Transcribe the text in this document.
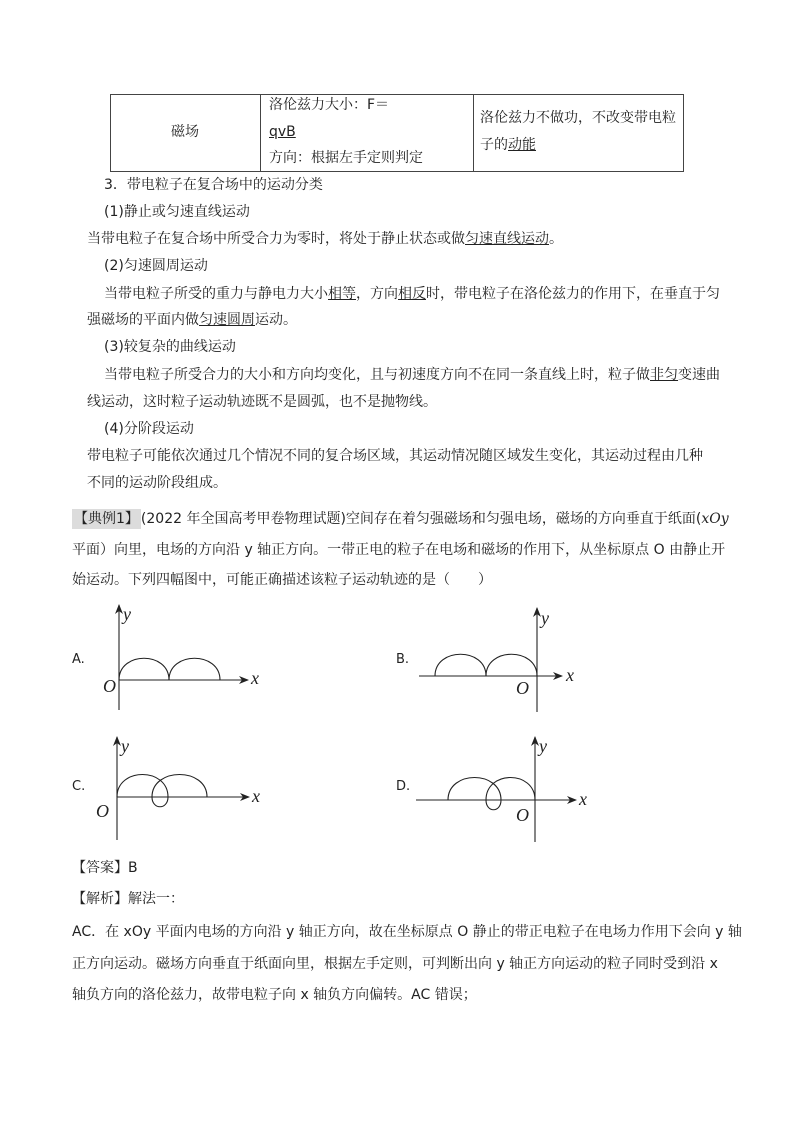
磁场
洛伦兹力大小：F＝
qvB
方向：根据左手定则判定
洛伦兹力不做功，不改变带电粒
子的动能
3．带电粒子在复合场中的运动分类
(1)静止或匀速直线运动
当带电粒子在复合场中所受合力为零时，将处于静止状态或做匀速直线运动。
(2)匀速圆周运动
当带电粒子所受的重力与静电力大小相等，方向相反时，带电粒子在洛伦兹力的作用下，在垂直于匀
强磁场的平面内做匀速圆周运动。
(3)较复杂的曲线运动
当带电粒子所受合力的大小和方向均变化，且与初速度方向不在同一条直线上时，粒子做非匀变速曲
线运动，这时粒子运动轨迹既不是圆弧，也不是抛物线。
(4)分阶段运动
带电粒子可能依次通过几个情况不同的复合场区域，其运动情况随区域发生变化，其运动过程由几种
不同的运动阶段组成。
【典例1】 (2022 年全国高考甲卷物理试题)空间存在着匀强磁场和匀强电场，磁场的方向垂直于纸面(xOy
平面）向里，电场的方向沿 y 轴正方向。一带正电的粒子在电场和磁场的作用下，从坐标原点 O 由静止开
始运动。下列四幅图中，可能正确描述该粒子运动轨迹的是（　　）
A.	B.
C.	D.
y
x
O
y
x
O
y
x
O
y
x
O
【答案】B
【解析】解法一：
AC．在 xOy 平面内电场的方向沿 y 轴正方向，故在坐标原点 O 静止的带正电粒子在电场力作用下会向 y 轴
正方向运动。磁场方向垂直于纸面向里，根据左手定则，可判断出向 y 轴正方向运动的粒子同时受到沿 x
轴负方向的洛伦兹力，故带电粒子向 x 轴负方向偏转。AC 错误；
